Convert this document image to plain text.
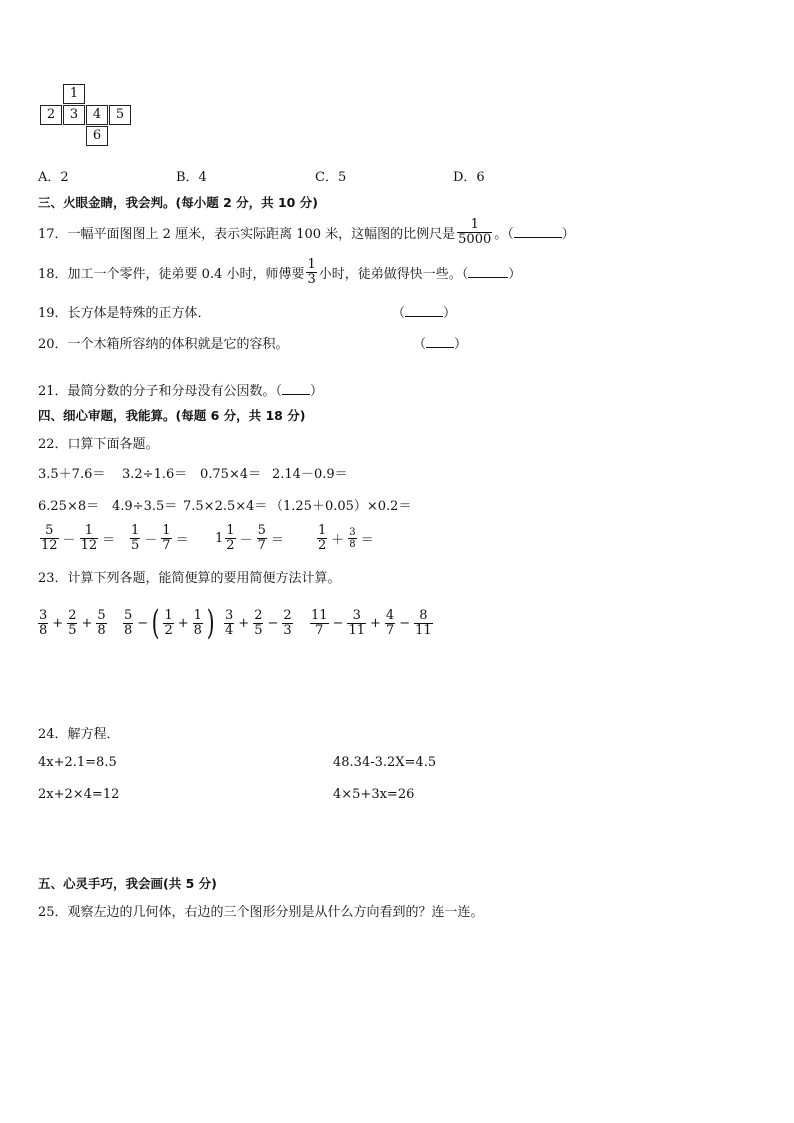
1
2	3	4	5
6
A．2	B．4	C．5	D．6
三、火眼金睛，我会判。(每小题 2 分，共 10 分)
17．一幅平面图图上 2 厘米，表示实际距离 100 米，这幅图的比例尺是 $\frac{1}{5000}$ 。（	）
18．加工一个零件，徒弟要 0.4 小时，师傅要 $\frac{1}{3}$ 小时，徒弟做得快一些。（	）
19．长方体是特殊的正方体．	（	）
20．一个木箱所容纳的体积就是它的容积。	（ ）
21．最简分数的分子和分母没有公因数。（ ）
四、细心审题，我能算。(每题 6 分，共 18 分)
22．口算下面各题。
3.5＋7.6＝ 3.2÷1.6＝ 0.75×4＝ 2.14－0.9＝
6.25×8＝ 4.9÷3.5＝ 7.5×2.5×4＝ （1.25＋0.05）×0.2＝
$\frac{5}{12} - \frac{1}{12} = \frac{1}{5} - \frac{1}{7} = 1 \frac{1}{2} - \frac{5}{7}$ ＝	$\frac{1}{2} + \frac{3}{8}$ ＝
23．计算下列各题，能简便算的要用简便方法计算。
$\frac{3}{8} + \frac{2}{5} + \frac{5}{8} \frac{5}{8}$ − ( $\frac{1}{2} + \frac{1}{8}$ ) $\frac{3}{4} + \frac{2}{5} - \frac{2}{3} \frac{11}{7} - \frac{3}{11} + \frac{4}{7} - \frac{8}{11}$
24．解方程．
4x+2.1=8.5	48.34-3.2X=4.5
2x+2×4=12	4×5+3x=26
五、心灵手巧，我会画(共 5 分)
25．观察左边的几何体，右边的三个图形分别是从什么方向看到的？连一连。
